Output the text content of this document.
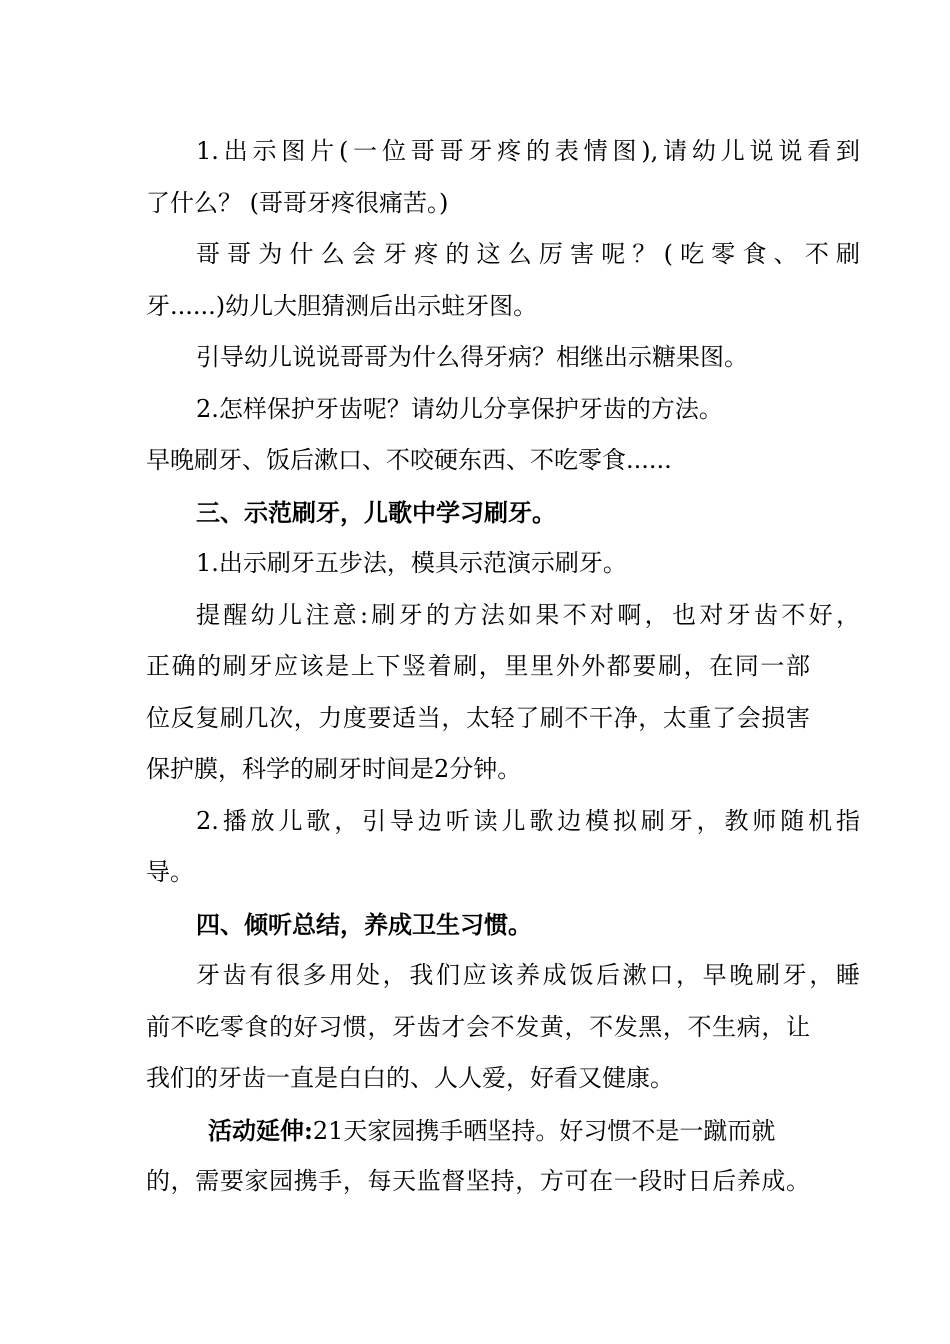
1.出示图片(一位哥哥牙疼的表情图),请幼儿说说看到
了什么？ (哥哥牙疼很痛苦。)
哥哥为什么会牙疼的这么厉害呢？(吃零食、不刷
牙......)幼儿大胆猜测后出示蛀牙图。
引导幼儿说说哥哥为什么得牙病？相继出示糖果图。
2.怎样保护牙齿呢？请幼儿分享保护牙齿的方法。
早晚刷牙、饭后漱口、不咬硬东西、不吃零食......
三、示范刷牙，儿歌中学习刷牙。
1.出示刷牙五步法，模具示范演示刷牙。
提醒幼儿注意:刷牙的方法如果不对啊，也对牙齿不好，
正确的刷牙应该是上下竖着刷，里里外外都要刷，在同一部
位反复刷几次，力度要适当，太轻了刷不干净，太重了会损害
保护膜，科学的刷牙时间是2分钟。
2.播放儿歌，引导边听读儿歌边模拟刷牙，教师随机指
导。
四、倾听总结，养成卫生习惯。
牙齿有很多用处，我们应该养成饭后漱口，早晚刷牙，睡
前不吃零食的好习惯，牙齿才会不发黄，不发黑，不生病，让
我们的牙齿一直是白白的、人人爱，好看又健康。
活动延伸:21天家园携手晒坚持。好习惯不是一蹴而就
的，需要家园携手，每天监督坚持，方可在一段时日后养成。
